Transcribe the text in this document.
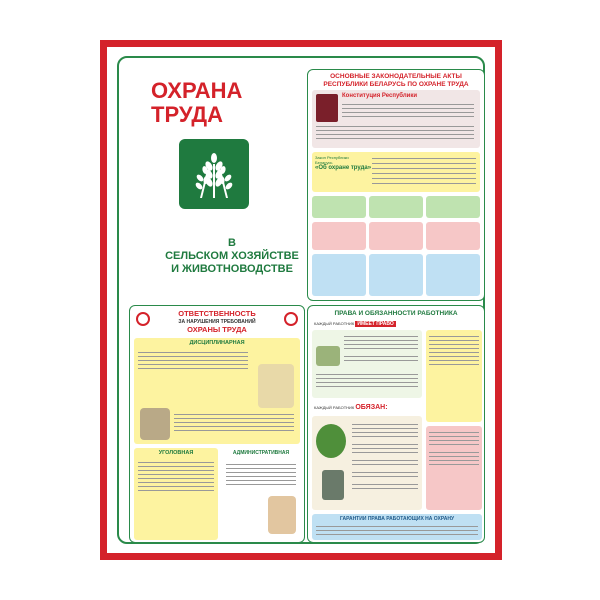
ОХРАНА
ТРУДА
В
СЕЛЬСКОМ ХОЗЯЙСТВЕ
И ЖИВОТНОВОДСТВЕ
ОСНОВНЫЕ ЗАКОНОДАТЕЛЬНЫЕ АКТЫ
РЕСПУБЛИКИ БЕЛАРУСЬ ПО ОХРАНЕ ТРУДА
Конституция Республики
Закон Республики
Беларусь
«Об охране труда»
ОТВЕТСТВЕННОСТЬ
ЗА НАРУШЕНИЯ ТРЕБОВАНИЙ
ОХРАНЫ ТРУДА
ДИСЦИПЛИНАРНАЯ
УГОЛОВНАЯ	АДМИНИСТРАТИВНАЯ
ПРАВА И ОБЯЗАННОСТИ РАБОТНИКА
КАЖДЫЙ РАБОТНИК ИМЕЕТ ПРАВО
КАЖДЫЙ РАБОТНИК ОБЯЗАН:
ГАРАНТИИ ПРАВА РАБОТАЮЩИХ НА ОХРАНУ
